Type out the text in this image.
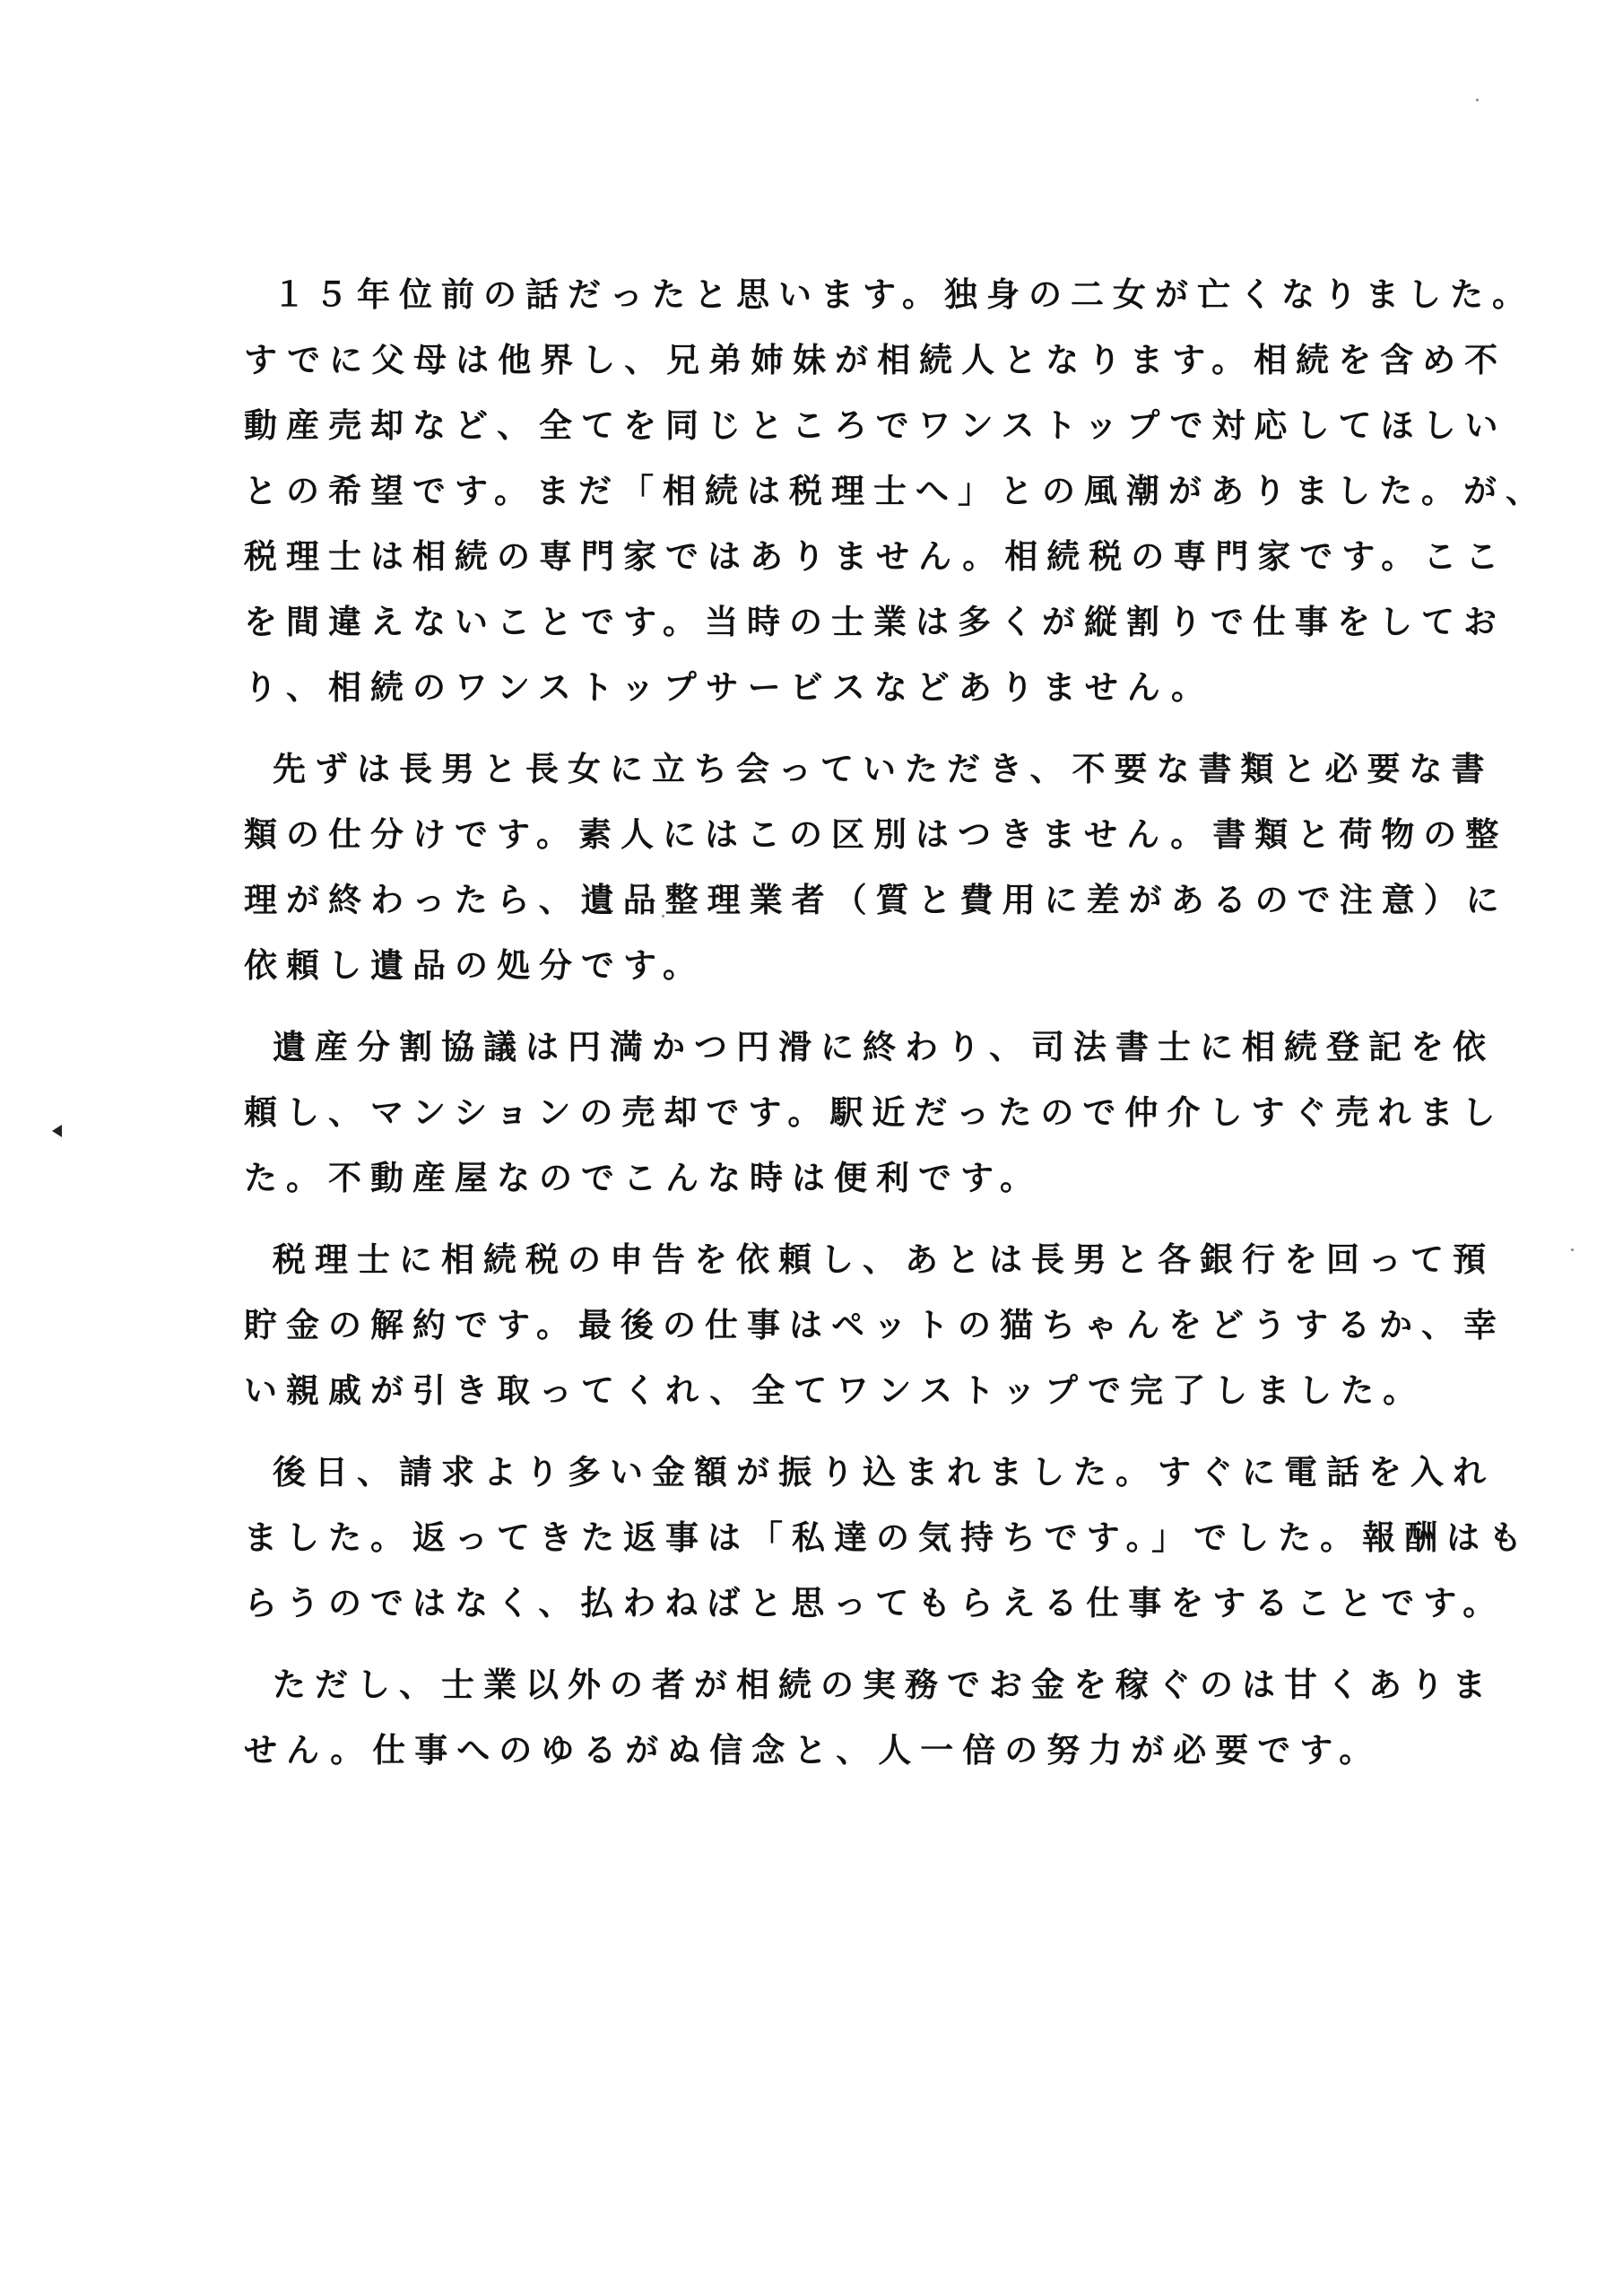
１５年位前の話だったと思います。独身の二女が亡くなりました。
すでに父母は他界し、兄弟姉妹が相続人となります。相続を含め不
動産売却など、全てを同じところでワンストップで対応してほしい
との希望です。まだ「相続は税理士へ」との風潮がありました。が、
税理士は相続の専門家ではありません。相続税の専門家です。ここ
を間違えないことです。当時の士業は多くが縦割りで仕事をしてお
り、相続のワンストップサービスなどありません。
先ずは長男と長女に立ち会っていただき、不要な書類と必要な書
類の仕分けです。素人にはこの区別はつきません。書類と荷物の整
理が終わったら、遺品整理業者（質と費用に差があるので注意）に
依頼し遺品の処分です。
遺産分割協議は円満かつ円滑に終わり、司法書士に相続登記を依
頼し、マンションの売却です。駅近だったので仲介しすぐ売れまし
た。不動産屋なのでこんな時は便利です。
税理士に相続税の申告を依頼し、あとは長男と各銀行を回って預
貯金の解約です。最後の仕事はペットの猫ちゃんをどうするか、幸
い親戚が引き取ってくれ、全てワンストップで完了しました。
後日、請求より多い金額が振り込まれました。すぐに電話を入れ
ました。返ってきた返事は「私達の気持ちです。」でした。報酬はも
らうのではなく、払わねばと思ってもらえる仕事をすることです。
ただし、士業以外の者が相続の実務でお金を稼ぐのは甘くありま
せん。仕事へのゆるがぬ信念と、人一倍の努力が必要です。
